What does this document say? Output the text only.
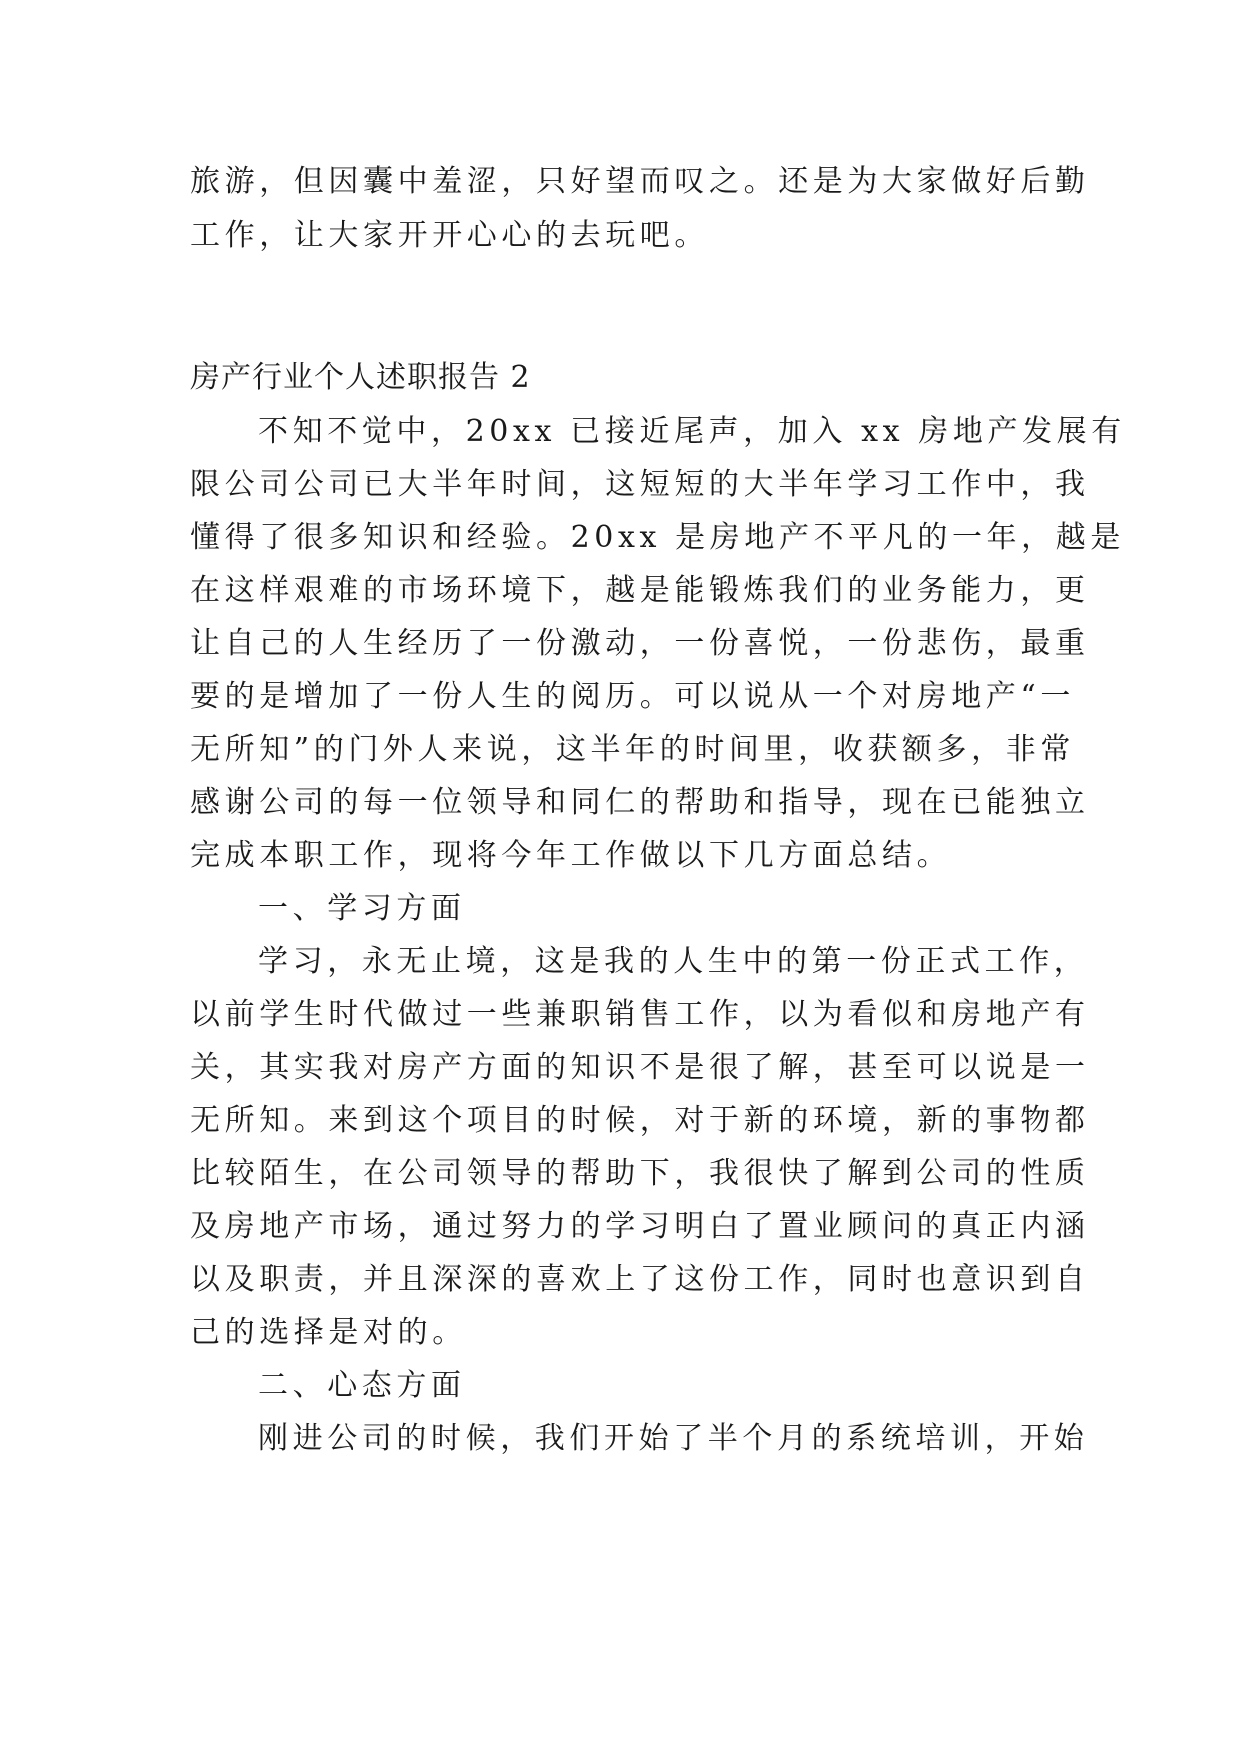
旅游，但因囊中羞涩，只好望而叹之。还是为大家做好后勤
工作，让大家开开心心的去玩吧。
房产行业个人述职报告 2
不知不觉中，20xx 已接近尾声，加入 xx 房地产发展有
限公司公司已大半年时间，这短短的大半年学习工作中，我
懂得了很多知识和经验。20xx 是房地产不平凡的一年，越是
在这样艰难的市场环境下，越是能锻炼我们的业务能力，更
让自己的人生经历了一份激动，一份喜悦，一份悲伤，最重
要的是增加了一份人生的阅历。可以说从一个对房地产“一
无所知”的门外人来说，这半年的时间里，收获额多，非常
感谢公司的每一位领导和同仁的帮助和指导，现在已能独立
完成本职工作，现将今年工作做以下几方面总结。
一、学习方面
学习，永无止境，这是我的人生中的第一份正式工作，
以前学生时代做过一些兼职销售工作，以为看似和房地产有
关，其实我对房产方面的知识不是很了解，甚至可以说是一
无所知。来到这个项目的时候，对于新的环境，新的事物都
比较陌生，在公司领导的帮助下，我很快了解到公司的性质
及房地产市场，通过努力的学习明白了置业顾问的真正内涵
以及职责，并且深深的喜欢上了这份工作，同时也意识到自
己的选择是对的。
二、心态方面
刚进公司的时候，我们开始了半个月的系统培训，开始
